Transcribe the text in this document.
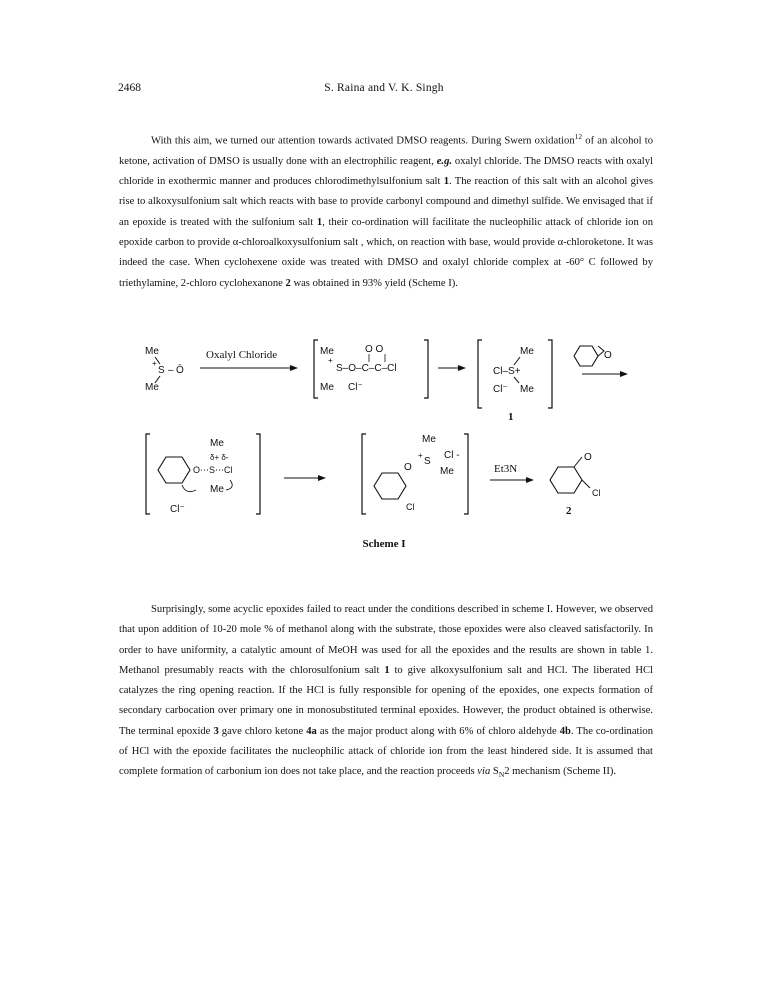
2468	S. Raina and V. K. Singh

With this aim, we turned our attention towards activated DMSO reagents. During Swern oxidation$^{12}$ of an alcohol to ketone, activation of DMSO is usually done with an electrophilic reagent, e.g. oxalyl chloride. The DMSO reacts with oxalyl chloride in exothermic manner and produces chlorodimethylsulfonium salt 1. The reaction of this salt with an alcohol gives rise to alkoxysulfonium salt which reacts with base to provide carbonyl compound and dimethyl sulfide. We envisaged that if an epoxide is treated with the sulfonium salt 1, their co-ordination will facilitate the nucleophilic attack of chloride ion on epoxide carbon to provide α-chloroalkoxysulfonium salt , which, on reaction with base, would provide α-chloroketone. It was indeed the case. When cyclohexene oxide was treated with DMSO and oxalyl chloride complex at -60° C followed by triethylamine, 2-chloro cyclohexanone 2 was obtained in 93% yield (Scheme I).

Me
+
S – Ō
Me
Oxalyl Chloride	Me	O O
+
S–O–C–C–Cl
Me Cl⁻
Me
Cl–S+
Cl⁻ Me
1
O
Me
δ+ δ-
O⋯S⋯Cl
Me
Cl⁻
Me
+ Cl -
O
S
Me
Cl
Et3N
O
Cl
2
Scheme I

Surprisingly, some acyclic epoxides failed to react under the conditions described in scheme I. However, we observed that upon addition of 10-20 mole % of methanol along with the substrate, those epoxides were also cleaved satisfactorily. In order to have uniformity, a catalytic amount of MeOH was used for all the epoxides and the results are shown in table 1. Methanol presumably reacts with the chlorosulfonium salt 1 to give alkoxysulfonium salt and HCl. The liberated HCl catalyzes the ring opening reaction. If the HCl is fully responsible for opening of the epoxides, one expects formation of secondary carbocation over primary one in monosubstituted terminal epoxides. However, the product obtained is otherwise. The terminal epoxide 3 gave chloro ketone 4a as the major product along with 6% of chloro aldehyde 4b. The co-ordination of HCl with the epoxide facilitates the nucleophilic attack of chloride ion from the least hindered side. It is assumed that complete formation of carbonium ion does not take place, and the reaction proceeds via $S_N2$ mechanism (Scheme II).
